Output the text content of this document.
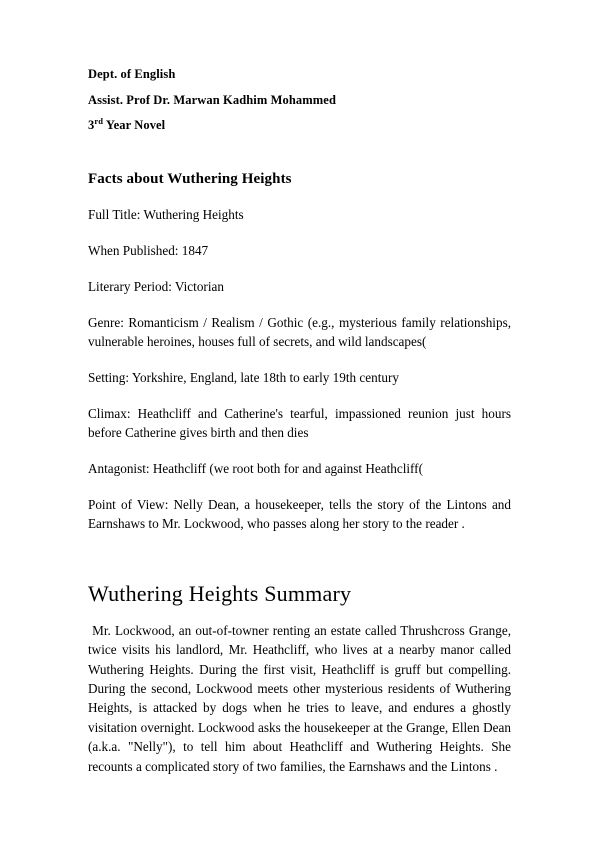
Dept. of English

Assist. Prof Dr. Marwan Kadhim Mohammed

3rd Year Novel

Facts about Wuthering Heights

Full Title: Wuthering Heights

When Published: 1847

Literary Period: Victorian

Genre: Romanticism / Realism / Gothic (e.g., mysterious family relationships, vulnerable heroines, houses full of secrets, and wild landscapes(

Setting: Yorkshire, England, late 18th to early 19th century

Climax: Heathcliff and Catherine's tearful, impassioned reunion just hours before Catherine gives birth and then dies

Antagonist: Heathcliff (we root both for and against Heathcliff(

Point of View: Nelly Dean, a housekeeper, tells the story of the Lintons and Earnshaws to Mr. Lockwood, who passes along her story to the reader .

Wuthering Heights Summary

Mr. Lockwood, an out-of-towner renting an estate called Thrushcross Grange, twice visits his landlord, Mr. Heathcliff, who lives at a nearby manor called Wuthering Heights. During the first visit, Heathcliff is gruff but compelling. During the second, Lockwood meets other mysterious residents of Wuthering Heights, is attacked by dogs when he tries to leave, and endures a ghostly visitation overnight. Lockwood asks the housekeeper at the Grange, Ellen Dean (a.k.a. "Nelly"), to tell him about Heathcliff and Wuthering Heights. She recounts a complicated story of two families, the Earnshaws and the Lintons .
